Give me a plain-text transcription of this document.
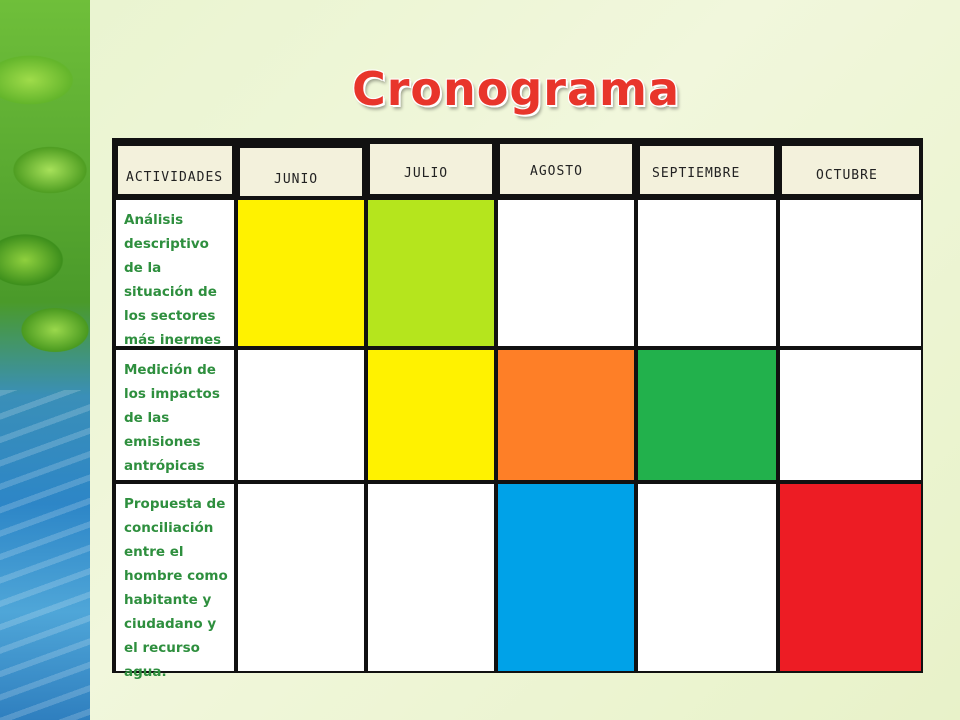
Cronograma
ACTIVIDADES	JUNIO	JULIO	AGOSTO	SEPTIEMBRE	OCTUBRE
Análisis descriptivo de la situación de los sectores más inermes
Medición de los impactos de las emisiones antrópicas
Propuesta de conciliación entre el hombre como habitante y ciudadano y el recurso agua.
